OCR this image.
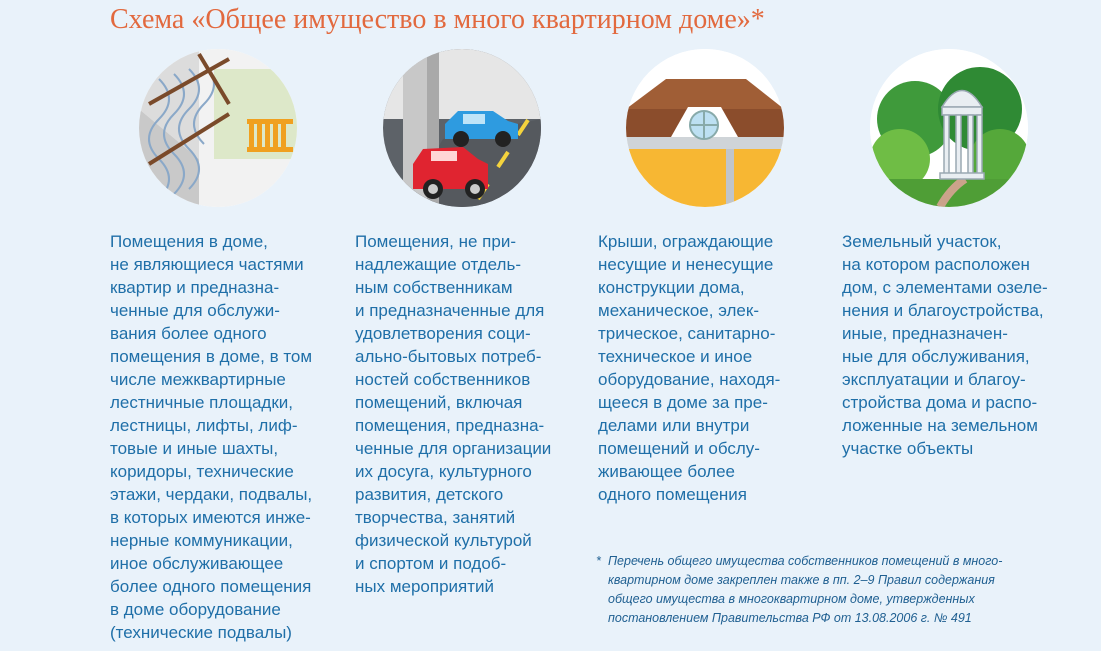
Схема «Общее имущество в много квартирном доме»*
Помещения в доме,
не являющиеся частями
квартир и предназна-
ченные для обслужи-
вания более одного
помещения в доме, в том
числе межквартирные
лестничные площадки,
лестницы, лифты, лиф-
товые и иные шахты,
коридоры, технические
этажи, чердаки, подвалы,
в которых имеются инже-
нерные коммуникации,
иное обслуживающее
более одного помещения
в доме оборудование
(технические подвалы)
Помещения, не при-
надлежащие отдель-
ным собственникам
и предназначенные для
удовлетворения соци-
ально-бытовых потреб-
ностей собственников
помещений, включая
помещения, предназна-
ченные для организации
их досуга, культурного
развития, детского
творчества, занятий
физической культурой
и спортом и подоб-
ных мероприятий
Крыши, ограждающие
несущие и ненесущие
конструкции дома,
механическое, элек-
трическое, санитарно-
техническое и иное
оборудование, находя-
щееся в доме за пре-
делами или внутри
помещений и обслу-
живающее более
одного помещения
Земельный участок,
на котором расположен
дом, с элементами озеле-
нения и благоустройства,
иные, предназначен-
ные для обслуживания,
эксплуатации и благоу-
стройства дома и распо-
ложенные на земельном
участке объекты
* Перечень общего имущества собственников помещений в много-
квартирном доме закреплен также в пп. 2–9 Правил содержания
общего имущества в многоквартирном доме, утвержденных
постановлением Правительства РФ от 13.08.2006 г. № 491
